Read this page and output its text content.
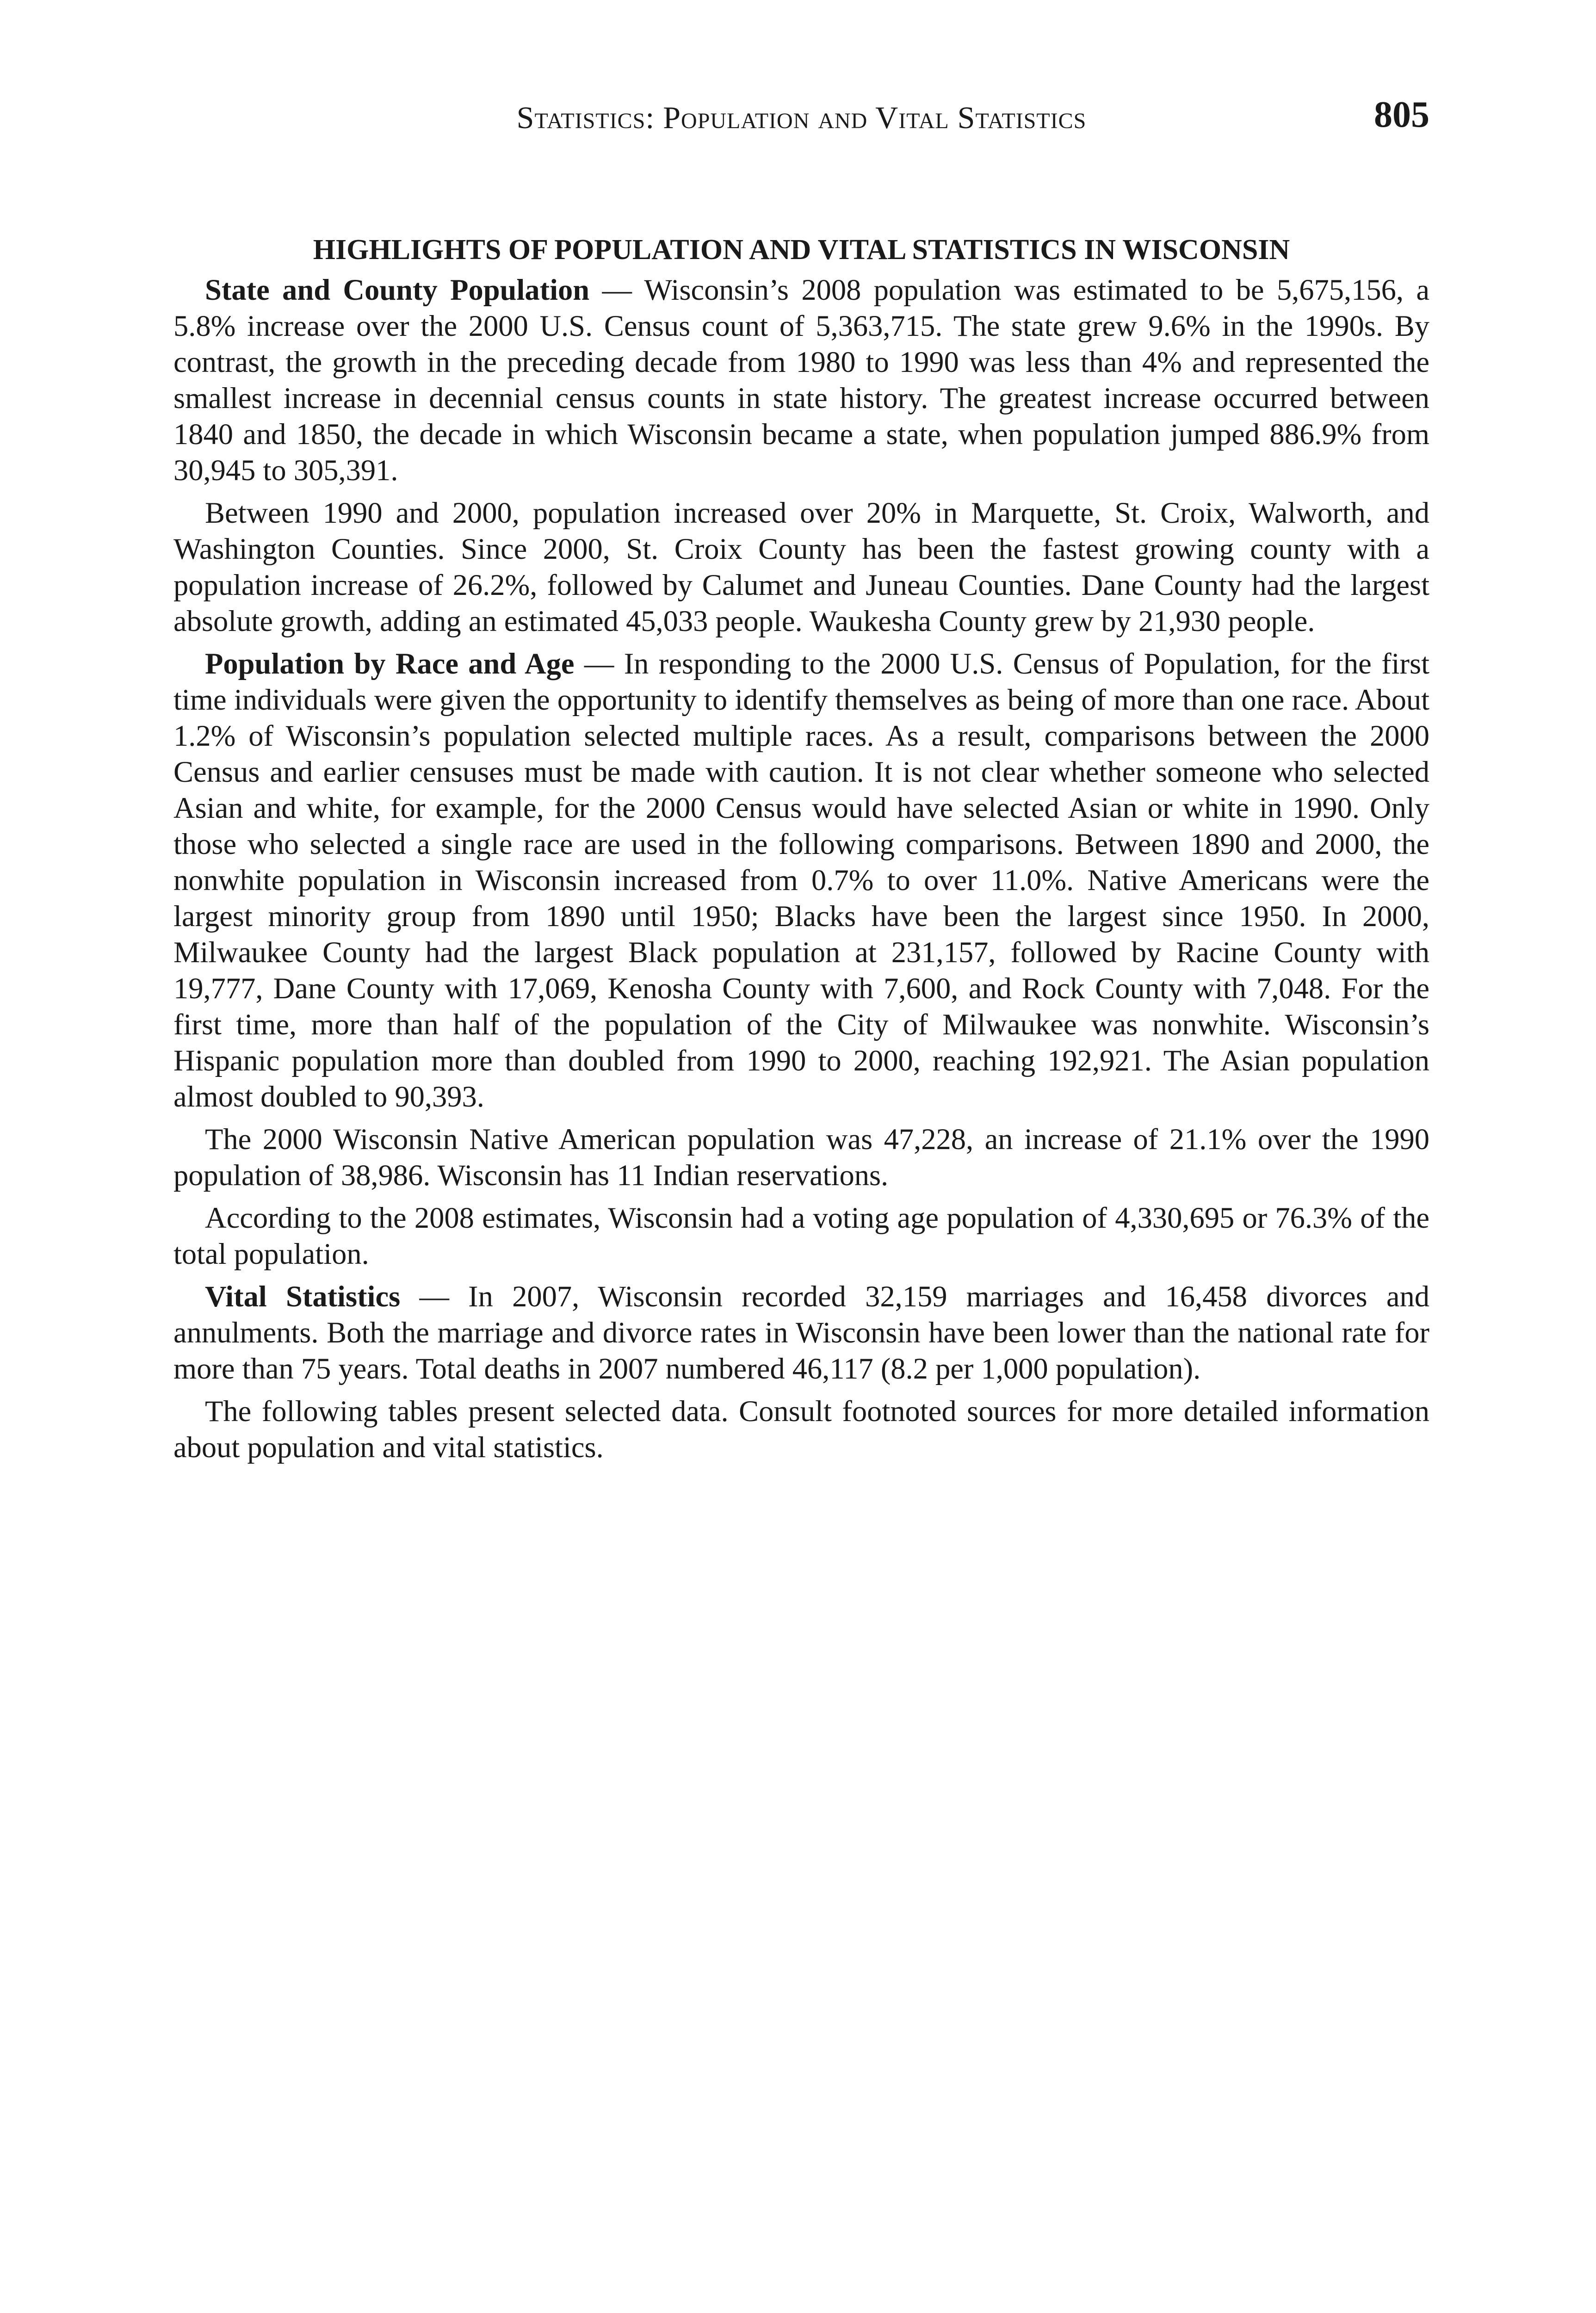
Statistics: Population and Vital Statistics	805
HIGHLIGHTS OF POPULATION AND VITAL STATISTICS IN WISCONSIN

State and County Population — Wisconsin’s 2008 population was estimated to be 5,675,156, a 5.8% increase over the 2000 U.S. Census count of 5,363,715. The state grew 9.6% in the 1990s. By contrast, the growth in the preceding decade from 1980 to 1990 was less than 4% and represented the smallest increase in decennial census counts in state history. The greatest increase occurred between 1840 and 1850, the decade in which Wisconsin became a state, when population jumped 886.9% from 30,945 to 305,391.

Between 1990 and 2000, population increased over 20% in Marquette, St. Croix, Walworth, and Washington Counties. Since 2000, St. Croix County has been the fastest growing county with a population increase of 26.2%, followed by Calumet and Juneau Counties. Dane County had the largest absolute growth, adding an estimated 45,033 people. Waukesha County grew by 21,930 people.

Population by Race and Age — In responding to the 2000 U.S. Census of Population, for the first time individuals were given the opportunity to identify themselves as being of more than one race. About 1.2% of Wisconsin’s population selected multiple races. As a result, comparisons between the 2000 Census and earlier censuses must be made with caution. It is not clear whether someone who selected Asian and white, for example, for the 2000 Census would have selected Asian or white in 1990. Only those who selected a single race are used in the following comparisons. Between 1890 and 2000, the nonwhite population in Wisconsin increased from 0.7% to over 11.0%. Native Americans were the largest minority group from 1890 until 1950; Blacks have been the largest since 1950. In 2000, Milwaukee County had the largest Black population at 231,157, followed by Racine County with 19,777, Dane County with 17,069, Kenosha County with 7,600, and Rock County with 7,048. For the first time, more than half of the population of the City of Milwaukee was nonwhite. Wisconsin’s Hispanic population more than doubled from 1990 to 2000, reaching 192,921. The Asian population almost doubled to 90,393.

The 2000 Wisconsin Native American population was 47,228, an increase of 21.1% over the 1990 population of 38,986. Wisconsin has 11 Indian reservations.

According to the 2008 estimates, Wisconsin had a voting age population of 4,330,695 or 76.3% of the total population.

Vital Statistics — In 2007, Wisconsin recorded 32,159 marriages and 16,458 divorces and annulments. Both the marriage and divorce rates in Wisconsin have been lower than the national rate for more than 75 years. Total deaths in 2007 numbered 46,117 (8.2 per 1,000 population).

The following tables present selected data. Consult footnoted sources for more detailed information about population and vital statistics.
